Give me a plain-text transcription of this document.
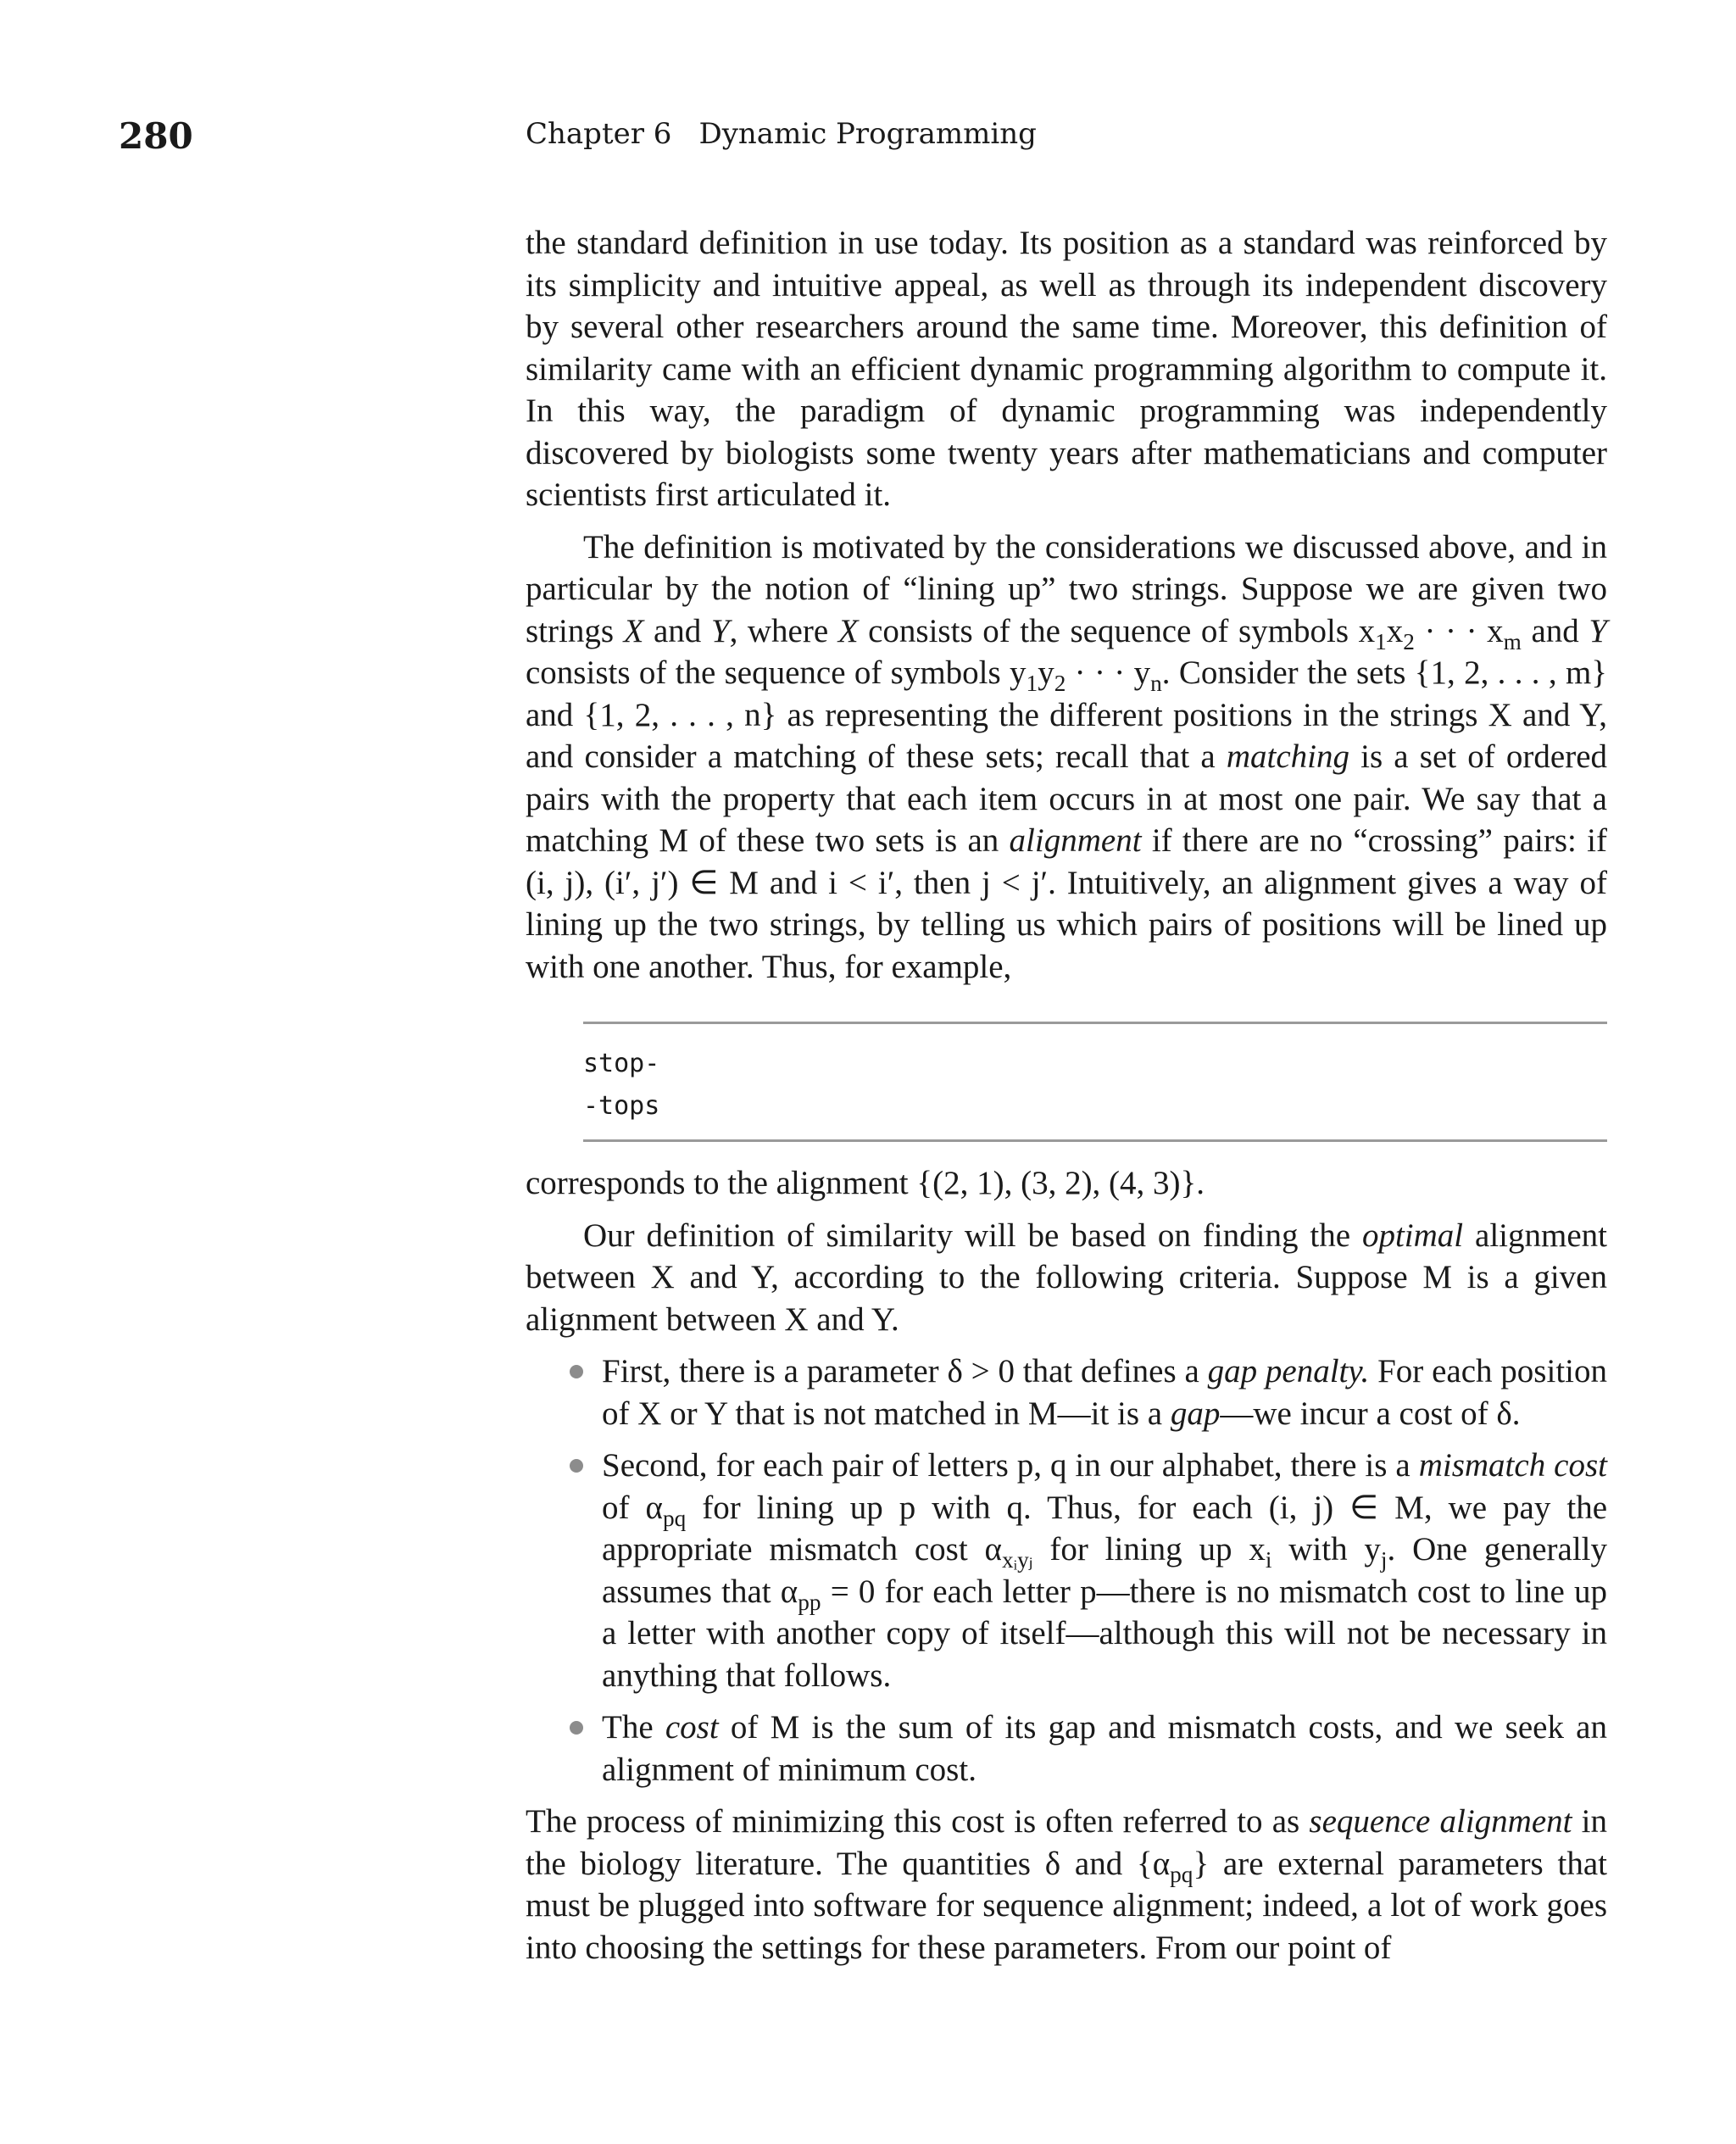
280	Chapter 6 Dynamic Programming

the standard definition in use today. Its position as a standard was reinforced by its simplicity and intuitive appeal, as well as through its independent discovery by several other researchers around the same time. Moreover, this definition of similarity came with an efficient dynamic programming algorithm to compute it. In this way, the paradigm of dynamic programming was independently discovered by biologists some twenty years after mathematicians and computer scientists first articulated it.

The definition is motivated by the considerations we discussed above, and in particular by the notion of “lining up” two strings. Suppose we are given two strings X and Y, where X consists of the sequence of symbols $x_1x_2$ · · · $x_m$ and Y consists of the sequence of symbols $y_1y_2$ · · · $y_n$. Consider the sets {1, 2, . . . , m} and {1, 2, . . . , n} as representing the different positions in the strings X and Y, and consider a matching of these sets; recall that a matching is a set of ordered pairs with the property that each item occurs in at most one pair. We say that a matching M of these two sets is an alignment if there are no “crossing” pairs: if (i, j), (i′, j′) ∈ M and i < i′, then j < j′. Intuitively, an alignment gives a way of lining up the two strings, by telling us which pairs of positions will be lined up with one another. Thus, for example,

stop-
-tops

corresponds to the alignment {(2, 1), (3, 2), (4, 3)}.

Our definition of similarity will be based on finding the optimal alignment between X and Y, according to the following criteria. Suppose M is a given alignment between X and Y.

First, there is a parameter δ > 0 that defines a gap penalty. For each position of X or Y that is not matched in M—it is a gap—we incur a cost of δ.
Second, for each pair of letters p, q in our alphabet, there is a mismatch cost of $\alpha_{pq}$ for lining up p with q. Thus, for each (i, j) ∈ M, we pay the appropriate mismatch cost $\alpha_{xᵢyⱼ}$ for lining up $x_i$ with $y_j$. One generally assumes that $\alpha_{pp} = 0$ for each letter p—there is no mismatch cost to line up a letter with another copy of itself—although this will not be necessary in anything that follows.
The cost of M is the sum of its gap and mismatch costs, and we seek an alignment of minimum cost.

The process of minimizing this cost is often referred to as sequence alignment in the biology literature. The quantities δ and $\{\alpha_{pq}\}$ are external parameters that must be plugged into software for sequence alignment; indeed, a lot of work goes into choosing the settings for these parameters. From our point of
